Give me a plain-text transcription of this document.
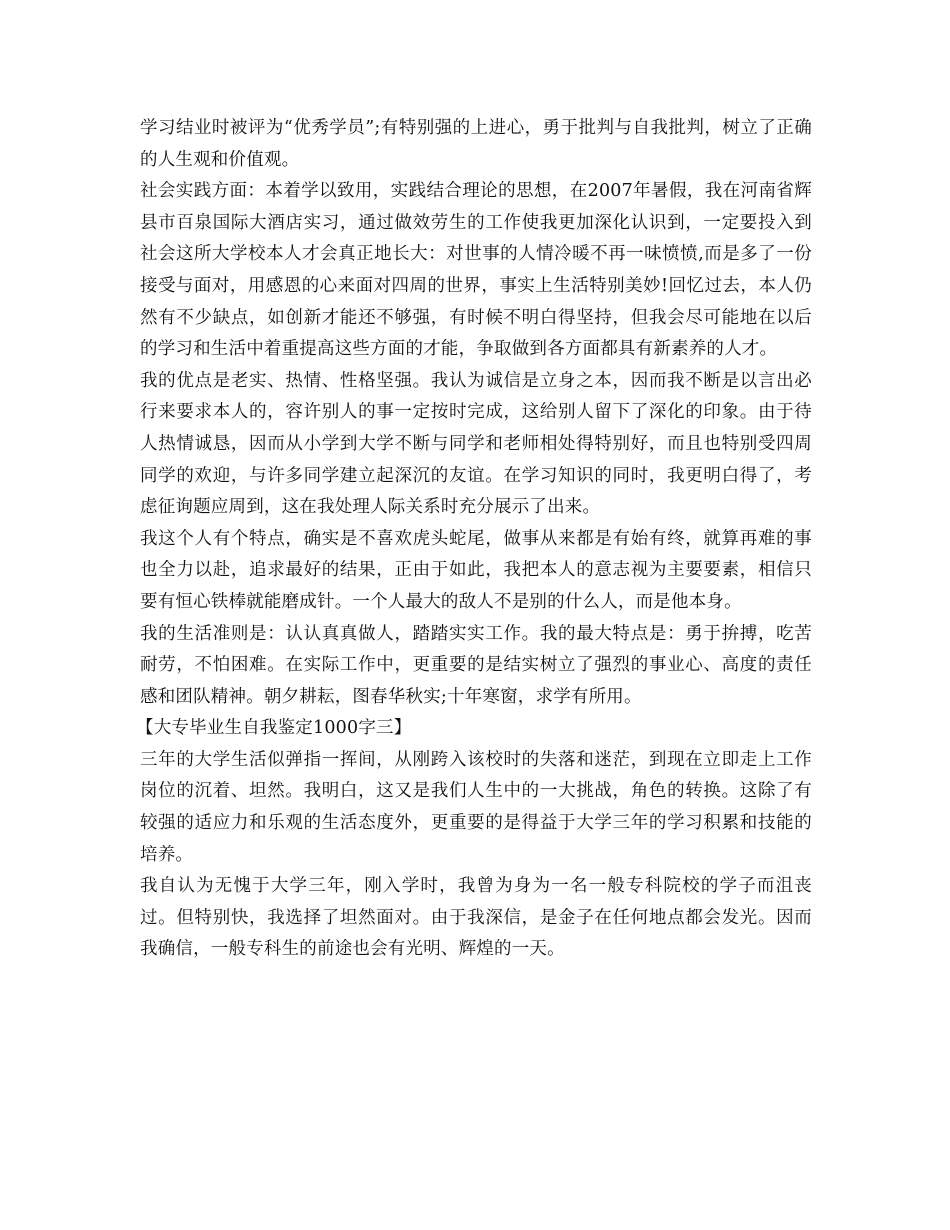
学习结业时被评为“优秀学员”;有特别强的上进心，勇于批判与自我批判，树立了正确的人生观和价值观。

社会实践方面：本着学以致用，实践结合理论的思想，在2007年暑假，我在河南省辉县市百泉国际大酒店实习，通过做效劳生的工作使我更加深化认识到，一定要投入到社会这所大学校本人才会真正地长大：对世事的人情冷暖不再一味愤愤,而是多了一份接受与面对，用感恩的心来面对四周的世界，事实上生活特别美妙!回忆过去，本人仍然有不少缺点，如创新才能还不够强，有时候不明白得坚持，但我会尽可能地在以后的学习和生活中着重提高这些方面的才能，争取做到各方面都具有新素养的人才。

我的优点是老实、热情、性格坚强。我认为诚信是立身之本，因而我不断是以言出必行来要求本人的，容许别人的事一定按时完成，这给别人留下了深化的印象。由于待人热情诚恳，因而从小学到大学不断与同学和老师相处得特别好，而且也特别受四周同学的欢迎，与许多同学建立起深沉的友谊。在学习知识的同时，我更明白得了，考虑征询题应周到，这在我处理人际关系时充分展示了出来。

我这个人有个特点，确实是不喜欢虎头蛇尾，做事从来都是有始有终，就算再难的事也全力以赴，追求最好的结果，正由于如此，我把本人的意志视为主要要素，相信只要有恒心铁棒就能磨成针。一个人最大的敌人不是别的什么人，而是他本身。

我的生活准则是：认认真真做人，踏踏实实工作。我的最大特点是：勇于拚搏，吃苦耐劳，不怕困难。在实际工作中，更重要的是结实树立了强烈的事业心、高度的责任感和团队精神。朝夕耕耘，图春华秋实;十年寒窗，求学有所用。

【大专毕业生自我鉴定1000字三】

三年的大学生活似弹指一挥间，从刚跨入该校时的失落和迷茫，到现在立即走上工作岗位的沉着、坦然。我明白，这又是我们人生中的一大挑战，角色的转换。这除了有较强的适应力和乐观的生活态度外，更重要的是得益于大学三年的学习积累和技能的培养。

我自认为无愧于大学三年，刚入学时，我曾为身为一名一般专科院校的学子而沮丧过。但特别快，我选择了坦然面对。由于我深信，是金子在任何地点都会发光。因而我确信，一般专科生的前途也会有光明、辉煌的一天。
